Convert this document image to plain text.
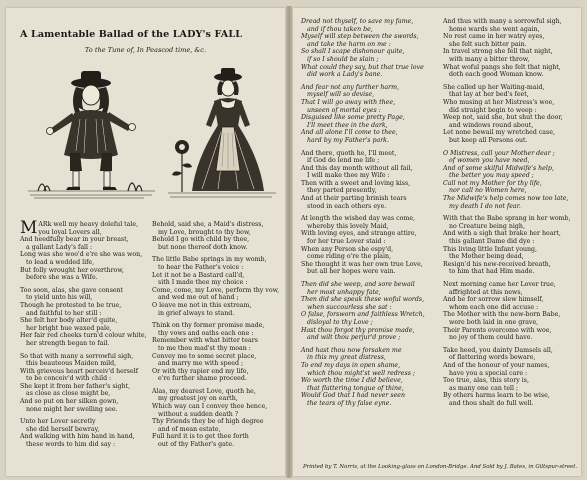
A Lamentable Ballad of the LADY's FALL
To the Tune of, In Peascod time, &c.
M ARk well my heavy doleful tale,
you loyal Lovers all,
And heedfully bear in your breast,
a gallant Lady's fall :
Long was she woo'd e're she was won,
to lead a wedded life,
But folly wrought her overthrow,
before she was a Wife.
Too soon, alas, she gave consent
to yield unto his will,
Though he protested to be true,
and faithful to her still :
She felt her body alter'd quite,
her bright hue waxed pale,
Her fair red cheeks turn'd colour white,
her strength began to fail.
So that with many a sorrowful sigh,
this beauteous Maiden mild,
With grievous heart perceiv'd herself
to be conceiv'd with child :
She kept it from her father's sight,
as close as close might be,
And so put on her silken gown,
none might her swelling see.
Unto her Lover secretly
she did herself bewray,
And walking with him hand in hand,
these words to him did say :
Behold, said she, a Maid's distress,
my Love, brought to thy bow,
Behold I go with child by thee,
but none thereof doth know.
The little Babe springs in my womb,
to hear the Father's voice :
Let it not be a Bastard call'd,
sith I made thee my choice :
Come, come, my Love, perform thy vow,
and wed me out of hand ;
O leave me not in this extream,
in grief always to stand.
Think on thy former promise made,
thy vows and oaths each one :
Remember with what bitter tears
to me thou mad'st thy moan :
Convey me to some secret place,
and marry me with speed ;
Or with thy rapier end my life,
e're further shame proceed.
Alas, my dearest Love, quoth he,
my greatest joy on earth,
Which way can I convey thee hence,
without a sudden death ?
Thy Friends they be of high degree
and of mean estate,
Full hard it is to get thee forth
out of thy Father's gate.
Dread not thyself, to save my fame,
and if thou taken be,
Myself will step between the swords,
and take the harm on me :
So shall I scape dishonour quite,
if so I should be slain ;
What could they say, but that true love
did work a Lady's bane.
And fear not any further harm,
myself will so devise,
That I will go away with thee,
unseen of mortal eyes :
Disguised like some pretty Page,
I'll meet thee in the dark,
And all alone I'll come to thee,
hard by my Father's park.
And there, quoth he, I'll meet,
if God do lend me life ;
And this day month without all fail,
I will make thee my Wife :
Then with a sweet and loving kiss,
they parted presently,
And at their parting brinish tears
stood in each others eye.
At length the wished day was come,
whereby this lovely Maid,
With loving eyes, and strange attire,
for her true Lover staid :
When any Person she espy'd,
come riding o're the plain,
She thought it was her own true Love,
but all her hopes were vain.
Then did she weep, and sore bewail
her most unhappy fate,
Then did she speak these woful words,
when succourless she sat :
O false, forsworn and faithless Wretch,
disloyal to thy Love ;
Hast thou forgot thy promise made,
and wilt thou perjur'd prove ;
And hast thou now forsaken me
in this my great distress,
To end my days in open shame,
which thou might'st well redress ;
Wo worth the time I did believe,
that flattering tongue of thine,
Would God that I had never seen
the tears of thy false eyne.
And thus with many a sorrowful sigh,
home wards she went again,
No rest came in her watry eyes,
she felt such bitter pain.
In travel strong she fell that night,
with many a bitter throw,
What woful pangs she felt that night,
doth each good Woman know.
She called up her Waiting-maid,
that lay at her bed's feet,
Who musing at her Mistress's woe,
did straight begin to weep :
Weep not, said she, but shut the door,
and windows round about,
Let none bewail my wretched case,
but keep all Persons out.
O Mistress, call your Mother dear ;
of women you have need,
And of some skilful Midwife's help,
the better you may speed ;
Call not my Mother for thy life,
nor call no Women here,
The Midwife's help comes now too late,
my death I do not fear.
With that the Babe sprang in her womb,
no Creature being nigh,
And with a sigh that brake her heart,
this gallant Dame did dye :
This living little Infant young,
the Mother being dead,
Resign'd his new-received breath,
to him that had Him made.
Next morning came her Lover true,
affrighted at this news,
And he for sorrow slew himself,
whom each one did accuse :
The Mother with the new-born Babe,
were both laid in one grave,
Their Parents overcome with woe,
no joy of them could have.
Take heed, you dainty Damsels all,
of flattering words beware,
And of the honour of your names,
have you a special care :
Too true, alas, this story is,
as many one can tell ;
By others harms learn to be wise,
and thou shalt do full well.
Printed by T. Norris, at the Looking-glass on London-Bridge. And Sold by J. Bates, in Giltspur-street.
